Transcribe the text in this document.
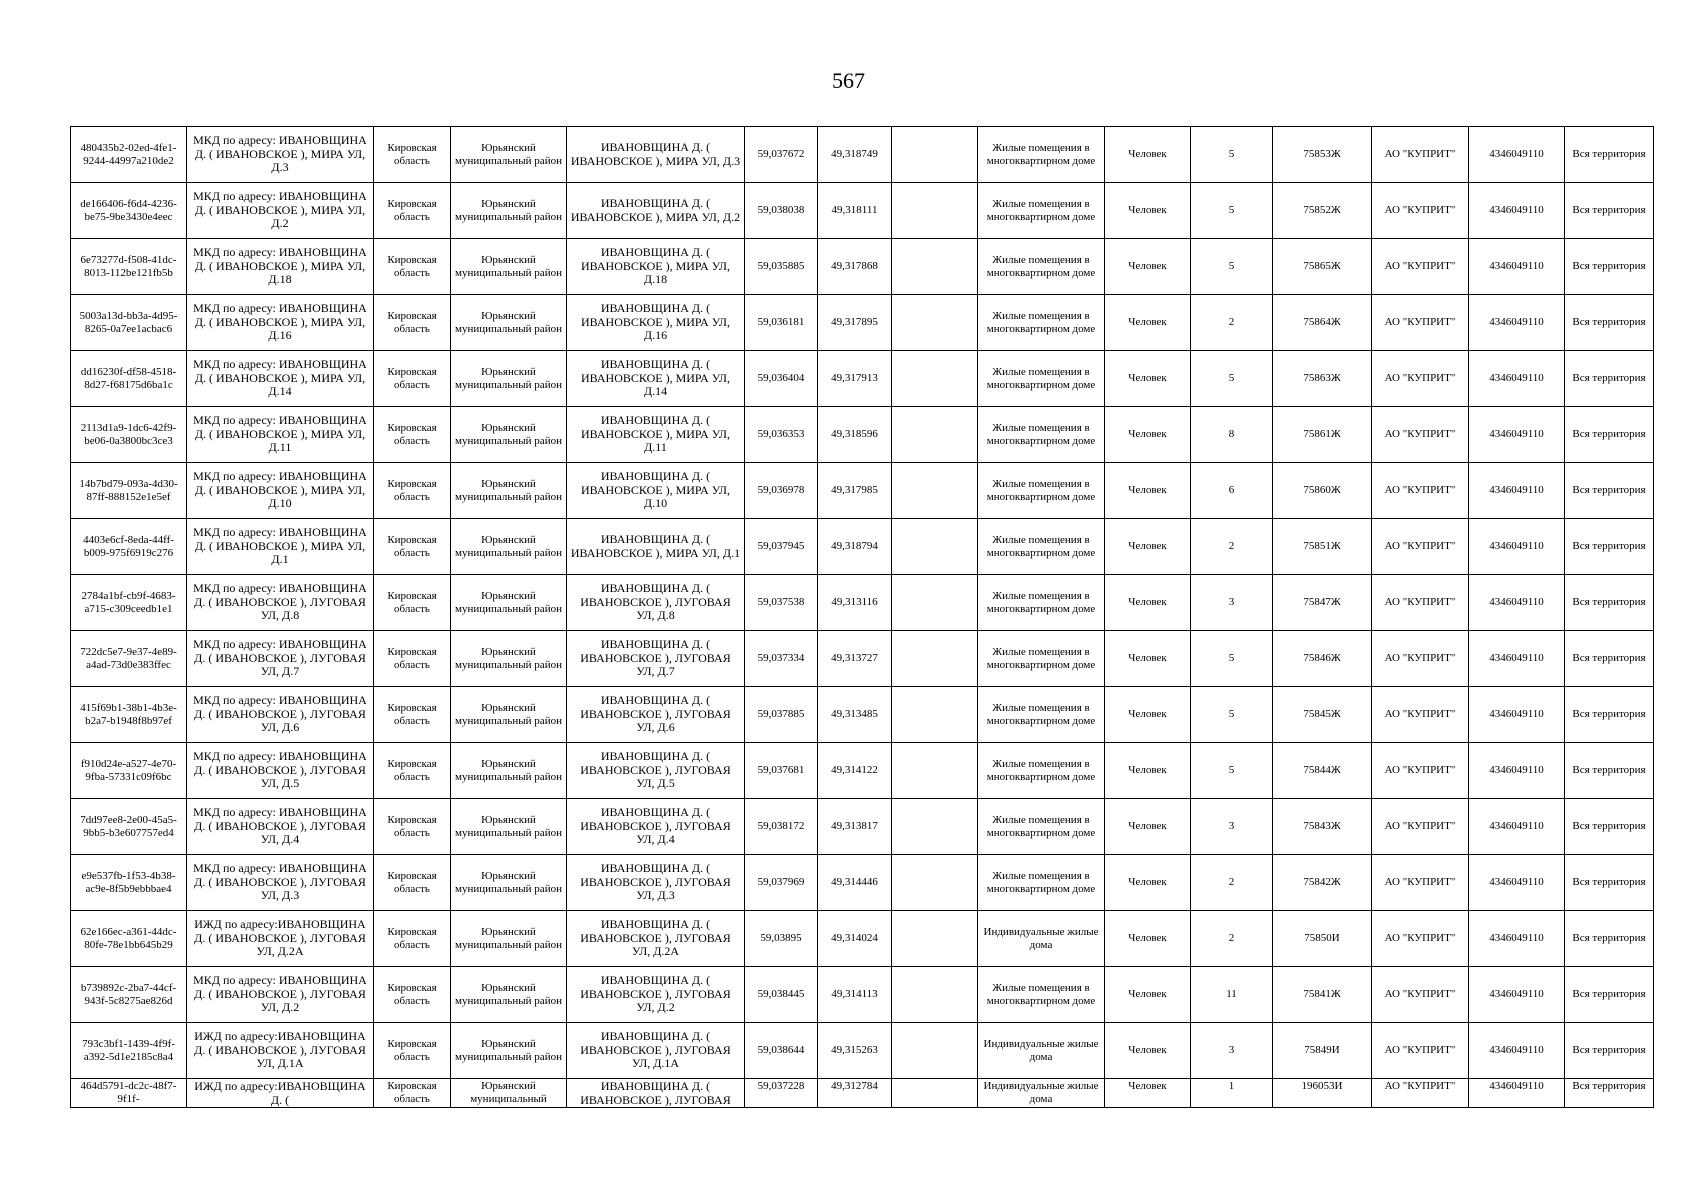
567
480435b2-02ed-4fe1-9244-44997a210de2	МКД по адресу: ИВАНОВЩИНА Д. ( ИВАНОВСКОЕ ), МИРА УЛ, Д.3	Кировская область	Юрьянский муниципальный район	ИВАНОВЩИНА Д. ( ИВАНОВСКОЕ ), МИРА УЛ, Д.3	59,037672	49,318749		Жилые помещения в многоквартирном доме	Человек	5	75853Ж	АО "КУПРИТ"	4346049110	Вся территория
de166406-f6d4-4236-be75-9be3430e4eec	МКД по адресу: ИВАНОВЩИНА Д. ( ИВАНОВСКОЕ ), МИРА УЛ, Д.2	Кировская область	Юрьянский муниципальный район	ИВАНОВЩИНА Д. ( ИВАНОВСКОЕ ), МИРА УЛ, Д.2	59,038038	49,318111		Жилые помещения в многоквартирном доме	Человек	5	75852Ж	АО "КУПРИТ"	4346049110	Вся территория
6e73277d-f508-41dc-8013-112be121fb5b	МКД по адресу: ИВАНОВЩИНА Д. ( ИВАНОВСКОЕ ), МИРА УЛ, Д.18	Кировская область	Юрьянский муниципальный район	ИВАНОВЩИНА Д. ( ИВАНОВСКОЕ ), МИРА УЛ, Д.18	59,035885	49,317868		Жилые помещения в многоквартирном доме	Человек	5	75865Ж	АО "КУПРИТ"	4346049110	Вся территория
5003a13d-bb3a-4d95-8265-0a7ee1acbac6	МКД по адресу: ИВАНОВЩИНА Д. ( ИВАНОВСКОЕ ), МИРА УЛ, Д.16	Кировская область	Юрьянский муниципальный район	ИВАНОВЩИНА Д. ( ИВАНОВСКОЕ ), МИРА УЛ, Д.16	59,036181	49,317895		Жилые помещения в многоквартирном доме	Человек	2	75864Ж	АО "КУПРИТ"	4346049110	Вся территория
dd16230f-df58-4518-8d27-f68175d6ba1c	МКД по адресу: ИВАНОВЩИНА Д. ( ИВАНОВСКОЕ ), МИРА УЛ, Д.14	Кировская область	Юрьянский муниципальный район	ИВАНОВЩИНА Д. ( ИВАНОВСКОЕ ), МИРА УЛ, Д.14	59,036404	49,317913		Жилые помещения в многоквартирном доме	Человек	5	75863Ж	АО "КУПРИТ"	4346049110	Вся территория
2113d1a9-1dc6-42f9-be06-0a3800bc3ce3	МКД по адресу: ИВАНОВЩИНА Д. ( ИВАНОВСКОЕ ), МИРА УЛ, Д.11	Кировская область	Юрьянский муниципальный район	ИВАНОВЩИНА Д. ( ИВАНОВСКОЕ ), МИРА УЛ, Д.11	59,036353	49,318596		Жилые помещения в многоквартирном доме	Человек	8	75861Ж	АО "КУПРИТ"	4346049110	Вся территория
14b7bd79-093a-4d30-87ff-888152e1e5ef	МКД по адресу: ИВАНОВЩИНА Д. ( ИВАНОВСКОЕ ), МИРА УЛ, Д.10	Кировская область	Юрьянский муниципальный район	ИВАНОВЩИНА Д. ( ИВАНОВСКОЕ ), МИРА УЛ, Д.10	59,036978	49,317985		Жилые помещения в многоквартирном доме	Человек	6	75860Ж	АО "КУПРИТ"	4346049110	Вся территория
4403e6cf-8eda-44ff-b009-975f6919c276	МКД по адресу: ИВАНОВЩИНА Д. ( ИВАНОВСКОЕ ), МИРА УЛ, Д.1	Кировская область	Юрьянский муниципальный район	ИВАНОВЩИНА Д. ( ИВАНОВСКОЕ ), МИРА УЛ, Д.1	59,037945	49,318794		Жилые помещения в многоквартирном доме	Человек	2	75851Ж	АО "КУПРИТ"	4346049110	Вся территория
2784a1bf-cb9f-4683-a715-c309ceedb1e1	МКД по адресу: ИВАНОВЩИНА Д. ( ИВАНОВСКОЕ ), ЛУГОВАЯ УЛ, Д.8	Кировская область	Юрьянский муниципальный район	ИВАНОВЩИНА Д. ( ИВАНОВСКОЕ ), ЛУГОВАЯ УЛ, Д.8	59,037538	49,313116		Жилые помещения в многоквартирном доме	Человек	3	75847Ж	АО "КУПРИТ"	4346049110	Вся территория
722dc5e7-9e37-4e89-a4ad-73d0e383ffec	МКД по адресу: ИВАНОВЩИНА Д. ( ИВАНОВСКОЕ ), ЛУГОВАЯ УЛ, Д.7	Кировская область	Юрьянский муниципальный район	ИВАНОВЩИНА Д. ( ИВАНОВСКОЕ ), ЛУГОВАЯ УЛ, Д.7	59,037334	49,313727		Жилые помещения в многоквартирном доме	Человек	5	75846Ж	АО "КУПРИТ"	4346049110	Вся территория
415f69b1-38b1-4b3e-b2a7-b1948f8b97ef	МКД по адресу: ИВАНОВЩИНА Д. ( ИВАНОВСКОЕ ), ЛУГОВАЯ УЛ, Д.6	Кировская область	Юрьянский муниципальный район	ИВАНОВЩИНА Д. ( ИВАНОВСКОЕ ), ЛУГОВАЯ УЛ, Д.6	59,037885	49,313485		Жилые помещения в многоквартирном доме	Человек	5	75845Ж	АО "КУПРИТ"	4346049110	Вся территория
f910d24e-a527-4e70-9fba-57331c09f6bc	МКД по адресу: ИВАНОВЩИНА Д. ( ИВАНОВСКОЕ ), ЛУГОВАЯ УЛ, Д.5	Кировская область	Юрьянский муниципальный район	ИВАНОВЩИНА Д. ( ИВАНОВСКОЕ ), ЛУГОВАЯ УЛ, Д.5	59,037681	49,314122		Жилые помещения в многоквартирном доме	Человек	5	75844Ж	АО "КУПРИТ"	4346049110	Вся территория
7dd97ee8-2e00-45a5-9bb5-b3e607757ed4	МКД по адресу: ИВАНОВЩИНА Д. ( ИВАНОВСКОЕ ), ЛУГОВАЯ УЛ, Д.4	Кировская область	Юрьянский муниципальный район	ИВАНОВЩИНА Д. ( ИВАНОВСКОЕ ), ЛУГОВАЯ УЛ, Д.4	59,038172	49,313817		Жилые помещения в многоквартирном доме	Человек	3	75843Ж	АО "КУПРИТ"	4346049110	Вся территория
e9e537fb-1f53-4b38-ac9e-8f5b9ebbbae4	МКД по адресу: ИВАНОВЩИНА Д. ( ИВАНОВСКОЕ ), ЛУГОВАЯ УЛ, Д.3	Кировская область	Юрьянский муниципальный район	ИВАНОВЩИНА Д. ( ИВАНОВСКОЕ ), ЛУГОВАЯ УЛ, Д.3	59,037969	49,314446		Жилые помещения в многоквартирном доме	Человек	2	75842Ж	АО "КУПРИТ"	4346049110	Вся территория
62e166ec-a361-44dc-80fe-78e1bb645b29	ИЖД по адресу:ИВАНОВЩИНА Д. ( ИВАНОВСКОЕ ), ЛУГОВАЯ УЛ, Д.2А	Кировская область	Юрьянский муниципальный район	ИВАНОВЩИНА Д. ( ИВАНОВСКОЕ ), ЛУГОВАЯ УЛ, Д.2А	59,03895	49,314024		Индивидуальные жилые дома	Человек	2	75850И	АО "КУПРИТ"	4346049110	Вся территория
b739892c-2ba7-44cf-943f-5c8275ae826d	МКД по адресу: ИВАНОВЩИНА Д. ( ИВАНОВСКОЕ ), ЛУГОВАЯ УЛ, Д.2	Кировская область	Юрьянский муниципальный район	ИВАНОВЩИНА Д. ( ИВАНОВСКОЕ ), ЛУГОВАЯ УЛ, Д.2	59,038445	49,314113		Жилые помещения в многоквартирном доме	Человек	11	75841Ж	АО "КУПРИТ"	4346049110	Вся территория
793c3bf1-1439-4f9f-a392-5d1e2185c8a4	ИЖД по адресу:ИВАНОВЩИНА Д. ( ИВАНОВСКОЕ ), ЛУГОВАЯ УЛ, Д.1А	Кировская область	Юрьянский муниципальный район	ИВАНОВЩИНА Д. ( ИВАНОВСКОЕ ), ЛУГОВАЯ УЛ, Д.1А	59,038644	49,315263		Индивидуальные жилые дома	Человек	3	75849И	АО "КУПРИТ"	4346049110	Вся территория
464d5791-dc2c-48f7-9f1f-	ИЖД по адресу:ИВАНОВЩИНА Д. (	Кировская область	Юрьянский муниципальный	ИВАНОВЩИНА Д. ( ИВАНОВСКОЕ ), ЛУГОВАЯ	59,037228	49,312784		Индивидуальные жилые дома	Человек	1	196053И	АО "КУПРИТ"	4346049110	Вся территория
